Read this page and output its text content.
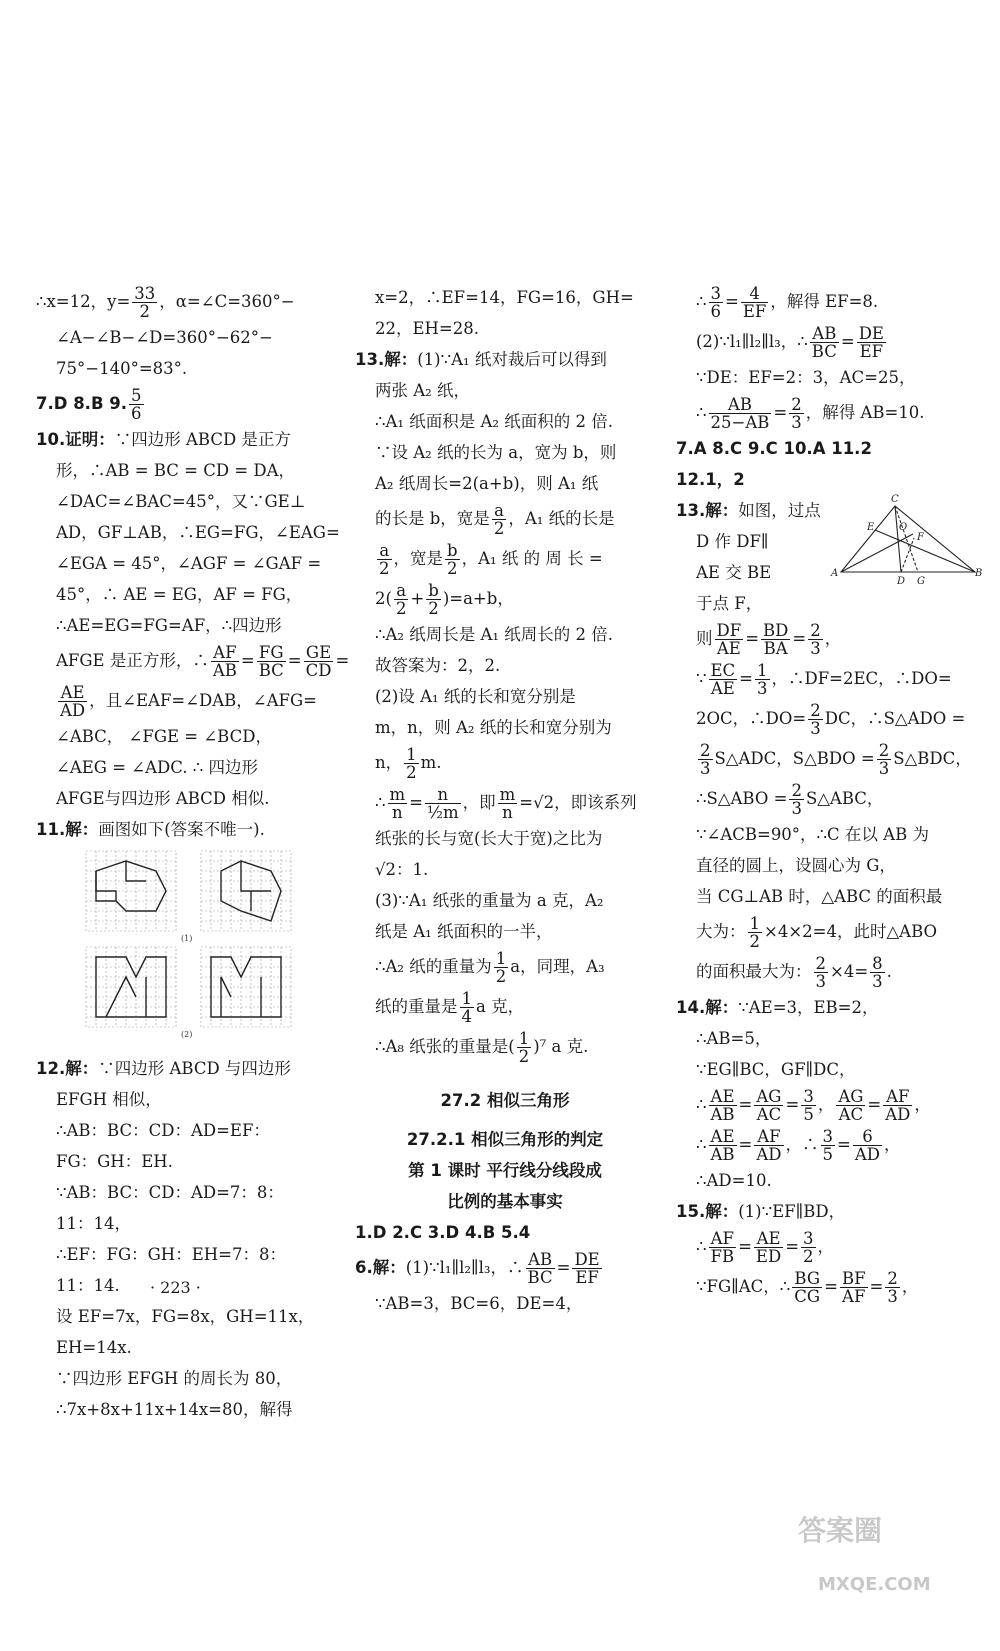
∴x=12，$y= \frac{33}{2}$ ，α=∠C=360°−
∠A−∠B−∠D=360°−62°−
75°−140°=83°.
7.D 8.B 9. $\frac{5}{6}$
10.证明：∵四边形 ABCD 是正方
形，∴AB = BC = CD = DA，
∠DAC=∠BAC=45°，又∵GE⊥
AD，GF⊥AB，∴EG=FG，∠EAG=
∠EGA = 45°，∠AGF = ∠GAF =
45°，∴ AE = EG，AF = FG，
∴AE=EG=FG=AF，∴四边形
AFGE 是正方形，∴ $\frac{AF}{AB} = \frac{FG}{BC} = \frac{GE}{CD}$ =
$\frac{AE}{AD}$ ，且∠EAF=∠DAB，∠AFG=
∠ABC， ∠FGE = ∠BCD，
∠AEG = ∠ADC. ∴ 四边形
AFGE与四边形 ABCD 相似.
11.解：画图如下(答案不唯一).
(1)
(2)
12.解：∵四边形 ABCD 与四边形
EFGH 相似，
∴AB：BC：CD：AD=EF：
FG：GH：EH.
∵AB：BC：CD：AD=7：8：
11：14，
∴EF：FG：GH：EH=7：8：
11：14.
设 EF=7x，FG=8x，GH=11x，
EH=14x.
∵四边形 EFGH 的周长为 80，
∴7x+8x+11x+14x=80，解得
x=2，∴EF=14，FG=16，GH=
22，EH=28.
13.解：(1)∵A₁ 纸对裁后可以得到
两张 A₂ 纸，
∴A₁ 纸面积是 A₂ 纸面积的 2 倍.
∵设 A₂ 纸的长为 a，宽为 b，则
A₂ 纸周长=2(a+b)，则 A₁ 纸
的长是 b，宽是 $\frac{a}{2}$ ，A₁ 纸的长是
$\frac{a}{2}$ ，宽是 $\frac{b}{2}$ ，A₁ 纸 的 周 长 =
$2( \frac{a}{2} + \frac{b}{2} )=a+b$，
∴A₂ 纸周长是 A₁ 纸周长的 2 倍.
故答案为：2，2.
(2)设 A₁ 纸的长和宽分别是
m，n，则 A₂ 纸的长和宽分别为
n， $\frac{1}{2} m$.
∴ $\frac{m}{n} = \frac{n}{\text{½m}}$ ，即 $\frac{m}{n} =√2$，即该系列
纸张的长与宽(长大于宽)之比为
√2：1.
(3)∵A₁ 纸张的重量为 a 克，A₂
纸是 A₁ 纸面积的一半，
∴A₂ 纸的重量为 $\frac{1}{2}$ a，同理，A₃
纸的重量是 $\frac{1}{4}$ a 克，
∴A₈ 纸张的重量是( $\frac{1}{2} )^7$ a 克.
27.2 相似三角形
27.2.1 相似三角形的判定
第 1 课时 平行线分线段成
比例的基本事实
1.D 2.C 3.D 4.B 5.4
6.解：(1)∵l₁∥l₂∥l₃，∴ $\frac{AB}{BC} = \frac{DE}{EF}$
∵AB=3，BC=6，DE=4，
∴ $\frac{3}{6} = \frac{4}{EF}$ ，解得 EF=8.
(2)∵l₁∥l₂∥l₃，∴ $\frac{AB}{BC} = \frac{DE}{EF}$
∵DE：EF=2：3，AC=25，
∴ $\frac{AB}{25-AB} = \frac{2}{3}$ ，解得 AB=10.
7.A 8.C 9.C 10.A 11.2
12.1，2
13.解：如图，过点
D 作 DF∥
AE 交 BE
于点 F，
则 $\frac{DF}{AE} = \frac{BD}{BA} = \frac{2}{3}$ ，
∵ $\frac{EC}{AE} = \frac{1}{3}$ ，∴DF=2EC，∴DO=
2OC，∴DO= $\frac{2}{3}$ DC，∴S△ADO =
$\frac{2}{3}$ S△ADC，S△BDO = $\frac{2}{3}$ S△BDC，
∴S△ABO = $\frac{2}{3}$ S△ABC，
∵∠ACB=90°，∴C 在以 AB 为
直径的圆上，设圆心为 G，
当 CG⊥AB 时，△ABC 的面积最
大为： $\frac{1}{2} \times 4\times 2=4$，此时△ABO
的面积最大为： $\frac{2}{3} \times 4= \frac{8}{3}$ .
14.解：∵AE=3，EB=2，
∴AB=5，
∵EG∥BC，GF∥DC，
∴ $\frac{AE}{AB} = \frac{AG}{AC} = \frac{3}{5}$ ， $\frac{AG}{AC} = \frac{AF}{AD}$ ，
∴ $\frac{AE}{AB} = \frac{AF}{AD}$ ，∴ $\frac{3}{5} = \frac{6}{AD}$ ，
∴AD=10.
15.解：(1)∵EF∥BD，
∴ $\frac{AF}{FB} = \frac{AE}{ED} = \frac{3}{2}$ ，
∵FG∥AC，∴ $\frac{BG}{CG} = \frac{BF}{AF} = \frac{2}{3}$ ，
C
E O
F
A
D G
B
· 223 ·
答案圈
MXQE.COM
